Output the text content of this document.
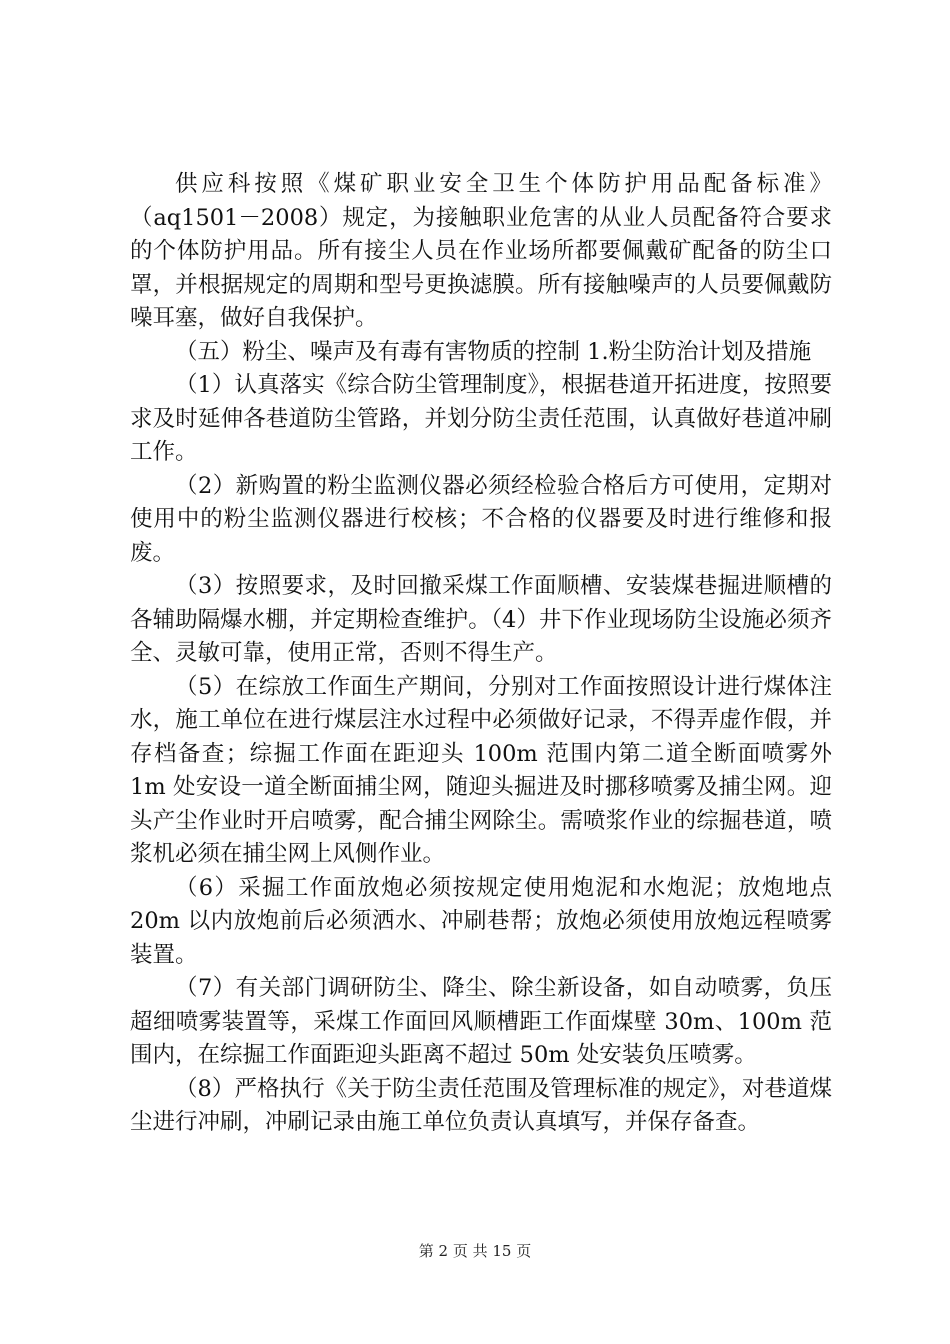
供应科按照《煤矿职业安全卫生个体防护用品配备标准》（aq1501－2008）规定，为接触职业危害的从业人员配备符合要求的个体防护用品。所有接尘人员在作业场所都要佩戴矿配备的防尘口罩，并根据规定的周期和型号更换滤膜。所有接触噪声的人员要佩戴防噪耳塞，做好自我保护。

（五）粉尘、噪声及有毒有害物质的控制 1.粉尘防治计划及措施

（1）认真落实《综合防尘管理制度》，根据巷道开拓进度，按照要求及时延伸各巷道防尘管路，并划分防尘责任范围，认真做好巷道冲刷工作。

（2）新购置的粉尘监测仪器必须经检验合格后方可使用，定期对使用中的粉尘监测仪器进行校核；不合格的仪器要及时进行维修和报废。

（3）按照要求，及时回撤采煤工作面顺槽、安装煤巷掘进顺槽的各辅助隔爆水棚，并定期检查维护。（4）井下作业现场防尘设施必须齐全、灵敏可靠，使用正常，否则不得生产。

（5）在综放工作面生产期间，分别对工作面按照设计进行煤体注水，施工单位在进行煤层注水过程中必须做好记录，不得弄虚作假，并存档备查；综掘工作面在距迎头 100m 范围内第二道全断面喷雾外 1m 处安设一道全断面捕尘网，随迎头掘进及时挪移喷雾及捕尘网。迎头产尘作业时开启喷雾，配合捕尘网除尘。需喷浆作业的综掘巷道，喷浆机必须在捕尘网上风侧作业。

（6）采掘工作面放炮必须按规定使用炮泥和水炮泥；放炮地点 20m 以内放炮前后必须洒水、冲刷巷帮；放炮必须使用放炮远程喷雾装置。

（7）有关部门调研防尘、降尘、除尘新设备，如自动喷雾，负压超细喷雾装置等，采煤工作面回风顺槽距工作面煤壁 30m、100m 范围内，在综掘工作面距迎头距离不超过 50m 处安装负压喷雾。

（8）严格执行《关于防尘责任范围及管理标准的规定》，对巷道煤尘进行冲刷，冲刷记录由施工单位负责认真填写，并保存备查。

第 2 页 共 15 页
